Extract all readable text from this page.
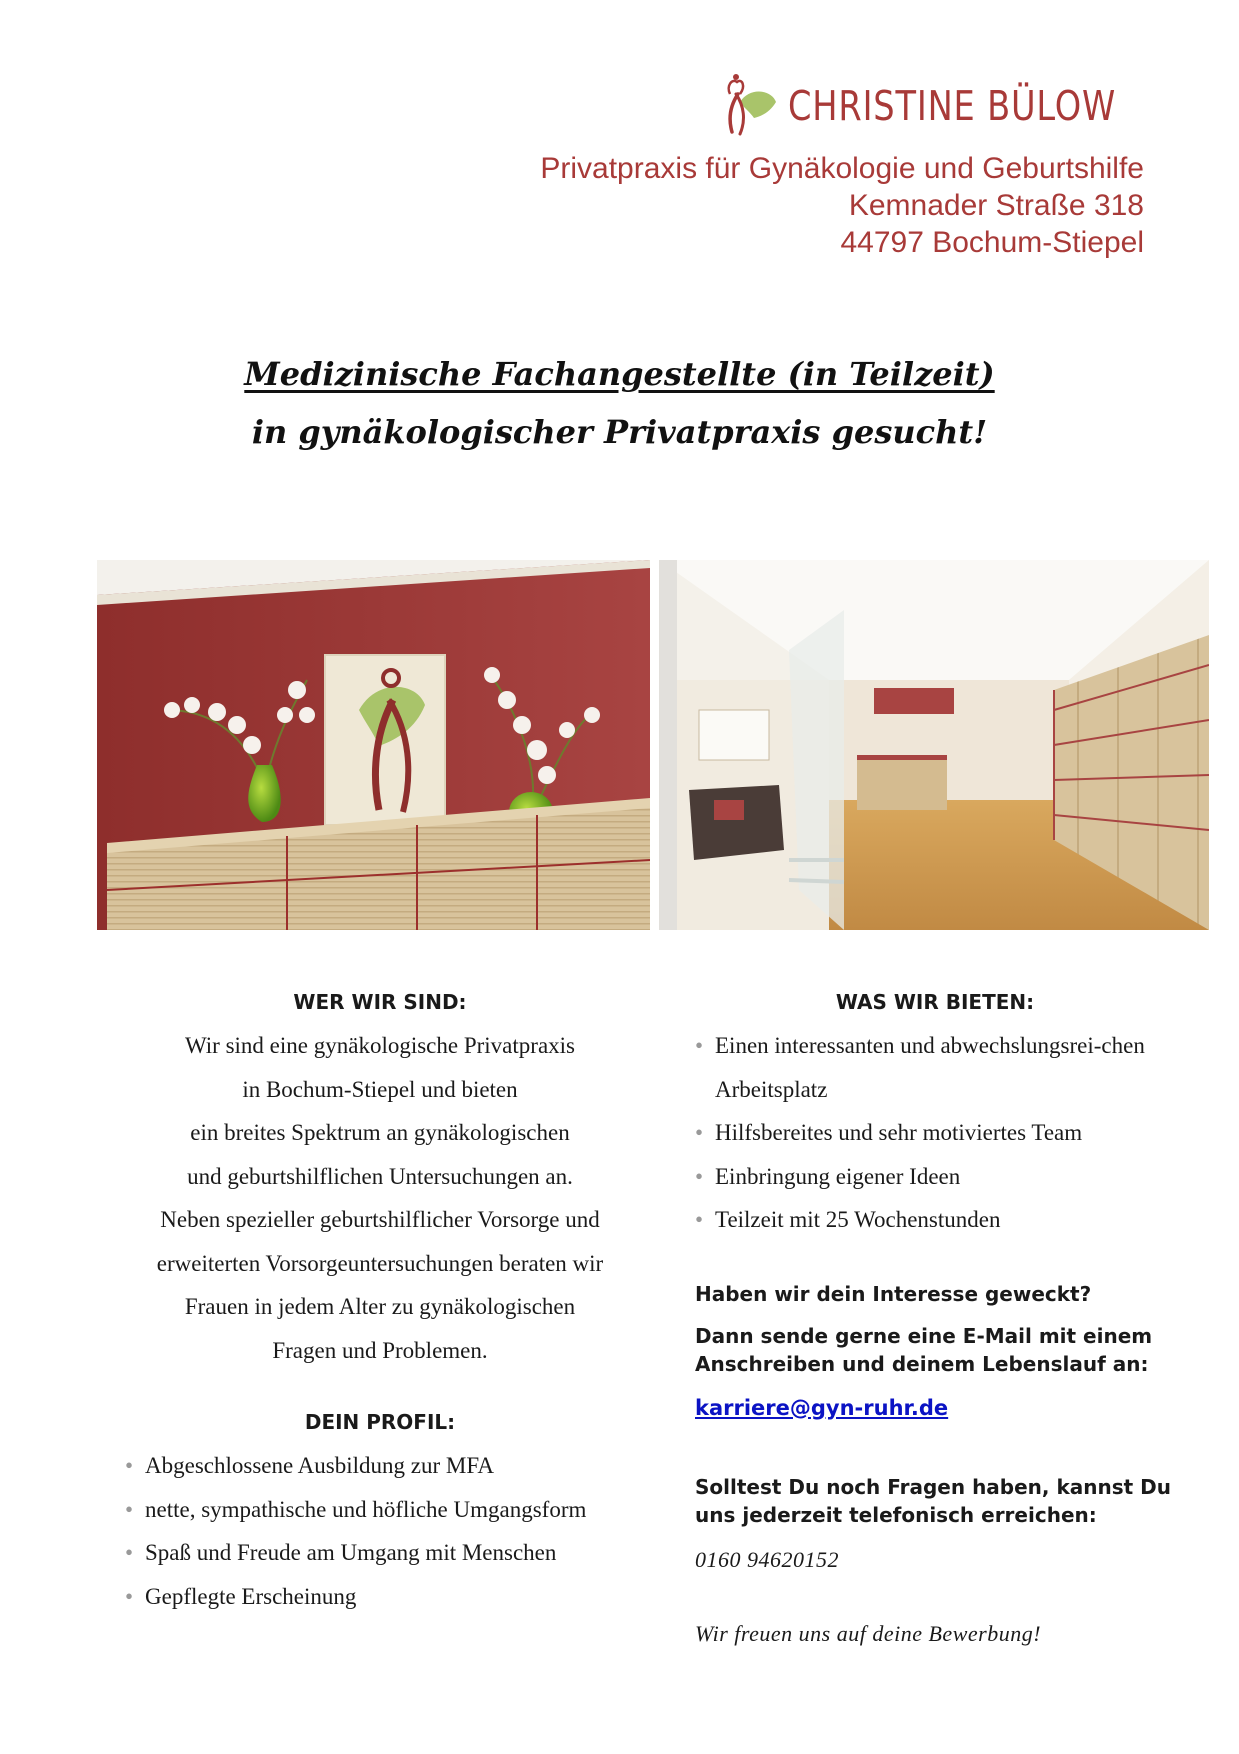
CHRISTINE BÜLOW
Privatpraxis für Gynäkologie und Geburtshilfe
Kemnader Straße 318
44797 Bochum-Stiepel
Medizinische Fachangestellte (in Teilzeit)
in gynäkologischer Privatpraxis gesucht!
WER WIR SIND:

Wir sind eine gynäkologische Privatpraxis

in Bochum-Stiepel und bieten

ein breites Spektrum an gynäkologischen

und geburtshilflichen Untersuchungen an.

Neben spezieller geburtshilflicher Vorsorge und

erweiterten Vorsorgeuntersuchungen beraten wir

Frauen in jedem Alter zu gynäkologischen

Fragen und Problemen.

DEIN PROFIL:
• Abgeschlossene Ausbildung zur MFA
• nette, sympathische und höfliche Umgangsform
• Spaß und Freude am Umgang mit Menschen
• Gepflegte Erscheinung
WAS WIR BIETEN:
• Einen interessanten und abwechslungsrei-chen Arbeitsplatz
• Hilfsbereites und sehr motiviertes Team
• Einbringung eigener Ideen
• Teilzeit mit 25 Wochenstunden

Haben wir dein Interesse geweckt?

Dann sende gerne eine E-Mail mit einem Anschreiben und deinem Lebenslauf an:

karriere@gyn-ruhr.de

Solltest Du noch Fragen haben, kannst Du uns jederzeit telefonisch erreichen:

0160 94620152

Wir freuen uns auf deine Bewerbung!
